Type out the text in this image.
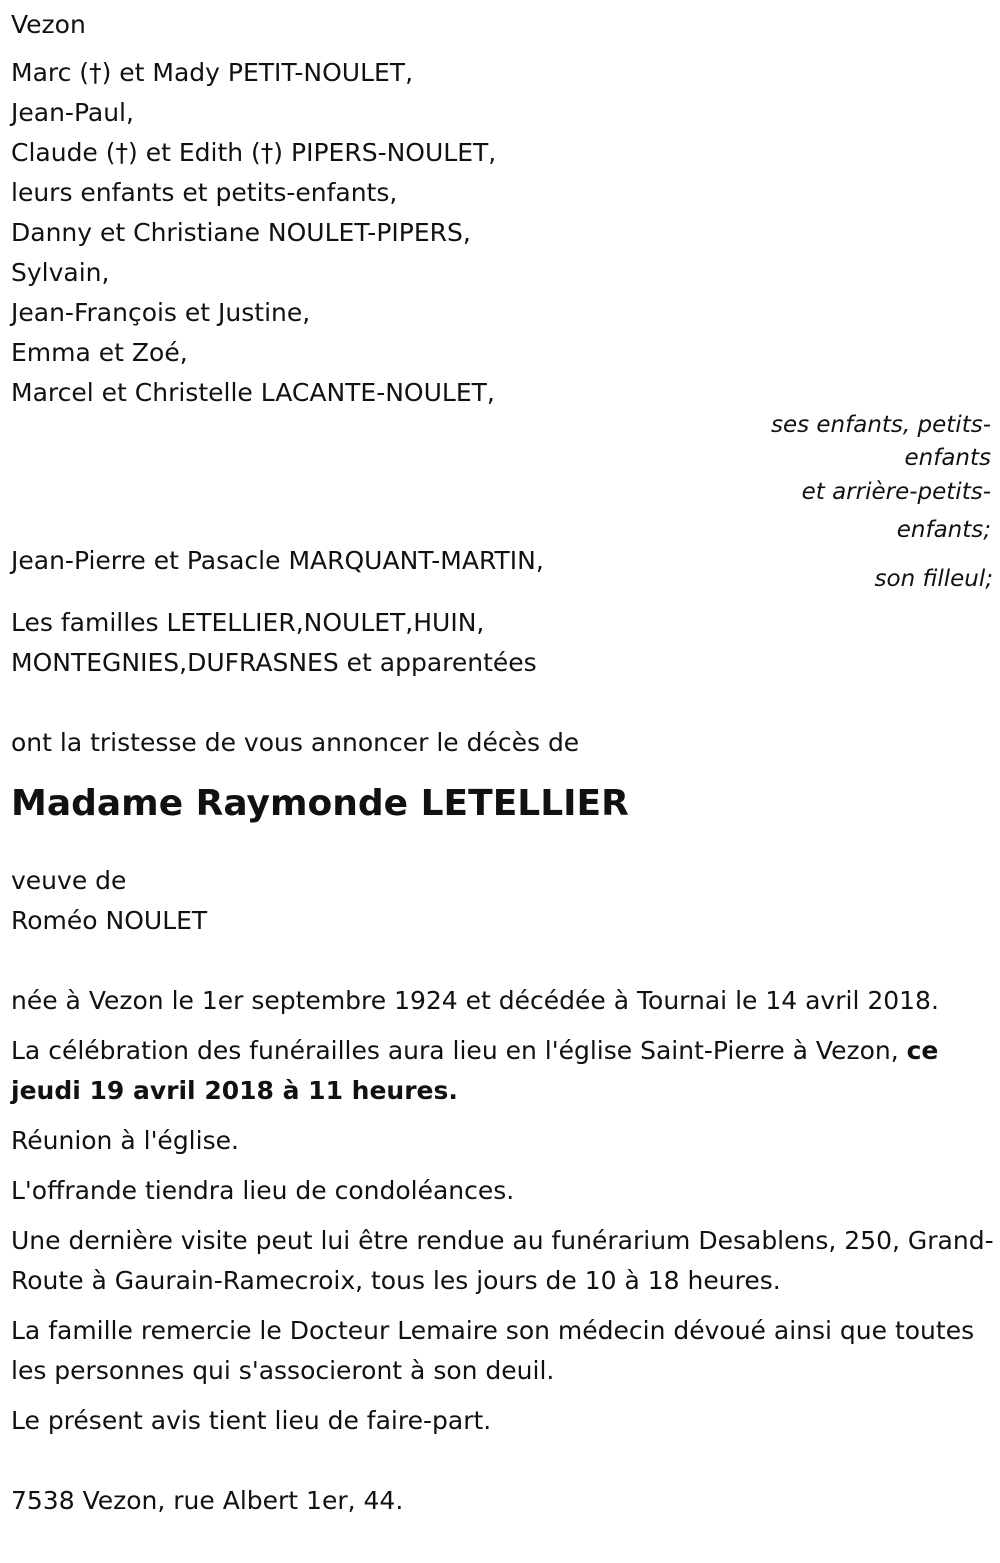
Vezon
Marc (†) et Mady PETIT-NOULET,
Jean-Paul,
Claude (†) et Edith (†) PIPERS-NOULET,
leurs enfants et petits-enfants,
Danny et Christiane NOULET-PIPERS,
Sylvain,
Jean-François et Justine,
Emma et Zoé,
Marcel et Christelle LACANTE-NOULET,
ses enfants, petits-enfants
et arrière-petits-enfants;
Jean-Pierre et Pasacle MARQUANT-MARTIN,
son filleul;
Les familles LETELLIER,NOULET,HUIN,
MONTEGNIES,DUFRASNES et apparentées
ont la tristesse de vous annoncer le décès de
Madame Raymonde LETELLIER
veuve de
Roméo NOULET
née à Vezon le 1er septembre 1924 et décédée à Tournai le 14 avril 2018.
La célébration des funérailles aura lieu en l'église Saint-Pierre à Vezon, ce jeudi 19 avril 2018 à 11 heures.
Réunion à l'église.
L'offrande tiendra lieu de condoléances.
Une dernière visite peut lui être rendue au funérarium Desablens, 250, Grand-Route à Gaurain-Ramecroix, tous les jours de 10 à 18 heures.
La famille remercie le Docteur Lemaire son médecin dévoué ainsi que toutes les personnes qui s'associeront à son deuil.
Le présent avis tient lieu de faire-part.
7538 Vezon, rue Albert 1er, 44.
